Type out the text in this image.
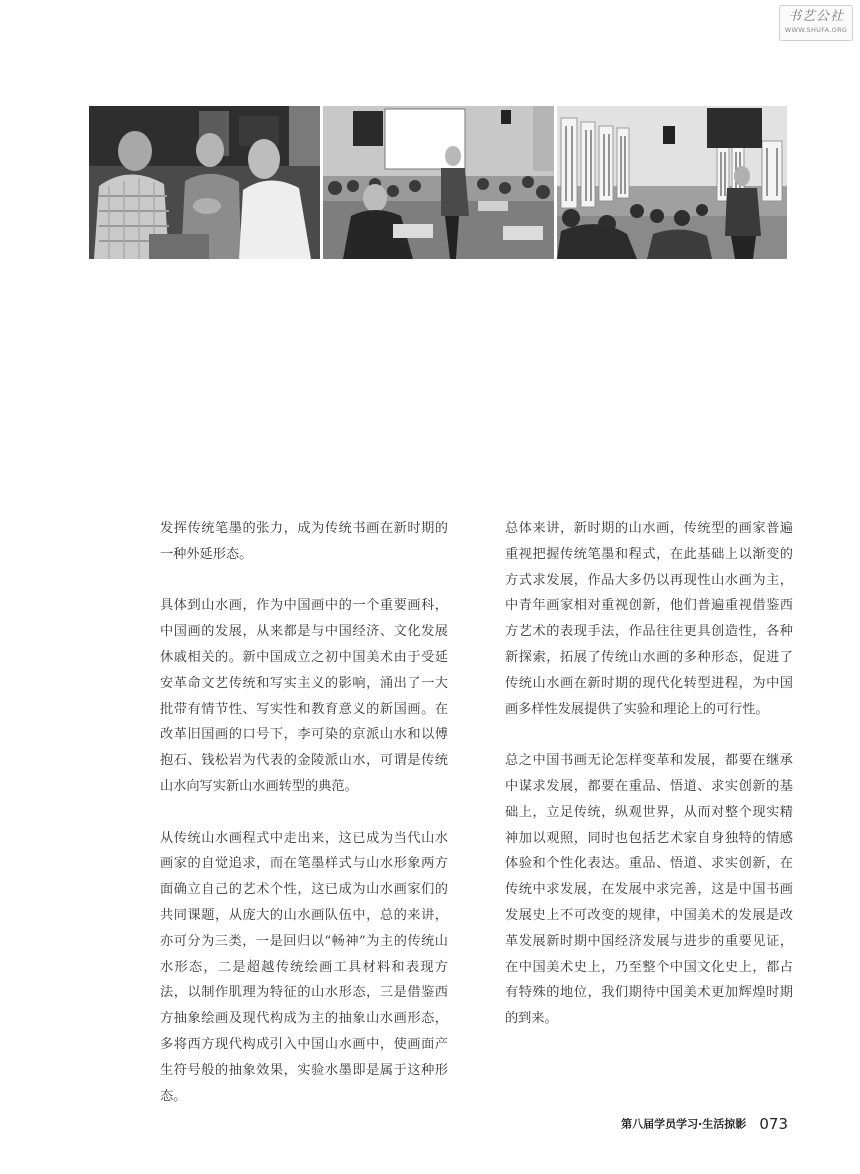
书艺公社
WWW.SHUFA.ORG

发挥传统笔墨的张力，成为传统书画在新时期的一种外延形态。

具体到山水画，作为中国画中的一个重要画科，中国画的发展，从来都是与中国经济、文化发展休戚相关的。新中国成立之初中国美术由于受延安革命文艺传统和写实主义的影响，涌出了一大批带有情节性、写实性和教育意义的新国画。在改革旧国画的口号下，李可染的京派山水和以傅抱石、钱松岩为代表的金陵派山水，可谓是传统山水向写实新山水画转型的典范。

从传统山水画程式中走出来，这已成为当代山水画家的自觉追求，而在笔墨样式与山水形象两方面确立自己的艺术个性，这已成为山水画家们的共同课题，从庞大的山水画队伍中，总的来讲，亦可分为三类，一是回归以“畅神”为主的传统山水形态，二是超越传统绘画工具材料和表现方法，以制作肌理为特征的山水形态，三是借鉴西方抽象绘画及现代构成为主的抽象山水画形态，多将西方现代构成引入中国山水画中，使画面产生符号般的抽象效果，实验水墨即是属于这种形态。

总体来讲，新时期的山水画，传统型的画家普遍重视把握传统笔墨和程式，在此基础上以渐变的方式求发展，作品大多仍以再现性山水画为主，中青年画家相对重视创新，他们普遍重视借鉴西方艺术的表现手法，作品往往更具创造性，各种新探索，拓展了传统山水画的多种形态，促进了传统山水画在新时期的现代化转型进程，为中国画多样性发展提供了实验和理论上的可行性。

总之中国书画无论怎样变革和发展，都要在继承中谋求发展，都要在重品、悟道、求实创新的基础上，立足传统，纵观世界，从而对整个现实精神加以观照，同时也包括艺术家自身独特的情感体验和个性化表达。重品、悟道、求实创新，在传统中求发展，在发展中求完善，这是中国书画发展史上不可改变的规律，中国美术的发展是改革发展新时期中国经济发展与进步的重要见证，在中国美术史上，乃至整个中国文化史上，都占有特殊的地位，我们期待中国美术更加辉煌时期的到来。

第八届学员学习·生活掠影 073
